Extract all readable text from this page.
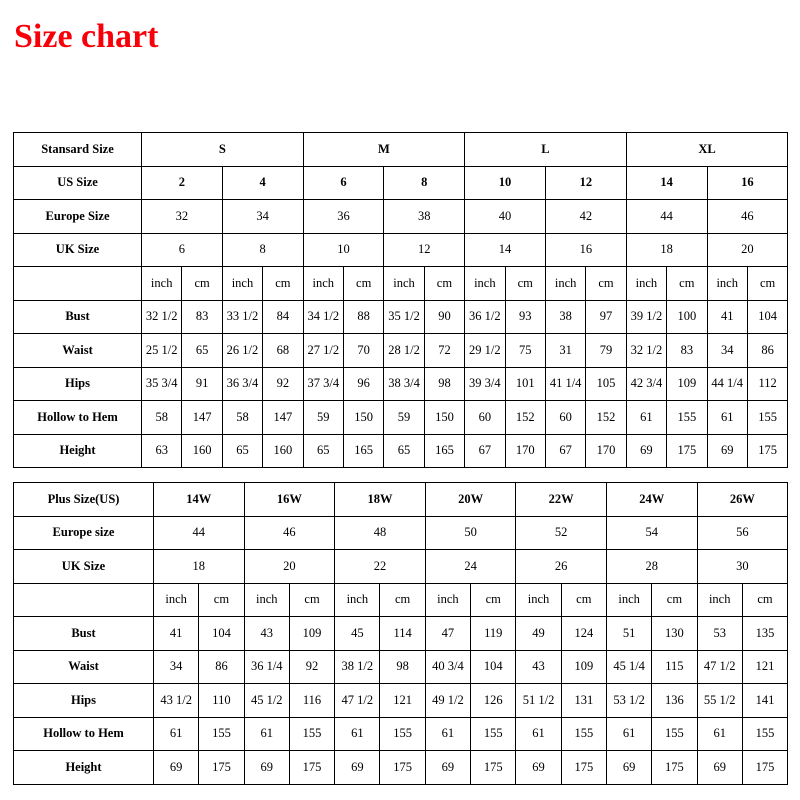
Size chart
Stansard Size	S				M				L				XL			
US Size	2		4		6		8		10		12		14		16	
Europe Size	32		34		36		38		40		42		44		46	
UK Size	6		8		10		12		14		16		18		20	
	inch	cm	inch	cm	inch	cm	inch	cm	inch	cm	inch	cm	inch	cm	inch	cm
Bust	32 1/2	83	33 1/2	84	34 1/2	88	35 1/2	90	36 1/2	93	38	97	39 1/2	100	41	104
Waist	25 1/2	65	26 1/2	68	27 1/2	70	28 1/2	72	29 1/2	75	31	79	32 1/2	83	34	86
Hips	35 3/4	91	36 3/4	92	37 3/4	96	38 3/4	98	39 3/4	101	41 1/4	105	42 3/4	109	44 1/4	112
Hollow to Hem	58	147	58	147	59	150	59	150	60	152	60	152	61	155	61	155
Height	63	160	65	160	65	165	65	165	67	170	67	170	69	175	69	175
Plus Size(US)	14W		16W		18W		20W		22W		24W		26W	
Europe size	44		46		48		50		52		54		56	
UK Size	18		20		22		24		26		28		30	
	inch	cm	inch	cm	inch	cm	inch	cm	inch	cm	inch	cm	inch	cm
Bust	41	104	43	109	45	114	47	119	49	124	51	130	53	135
Waist	34	86	36 1/4	92	38 1/2	98	40 3/4	104	43	109	45 1/4	115	47 1/2	121
Hips	43 1/2	110	45 1/2	116	47 1/2	121	49 1/2	126	51 1/2	131	53 1/2	136	55 1/2	141
Hollow to Hem	61	155	61	155	61	155	61	155	61	155	61	155	61	155
Height	69	175	69	175	69	175	69	175	69	175	69	175	69	175
